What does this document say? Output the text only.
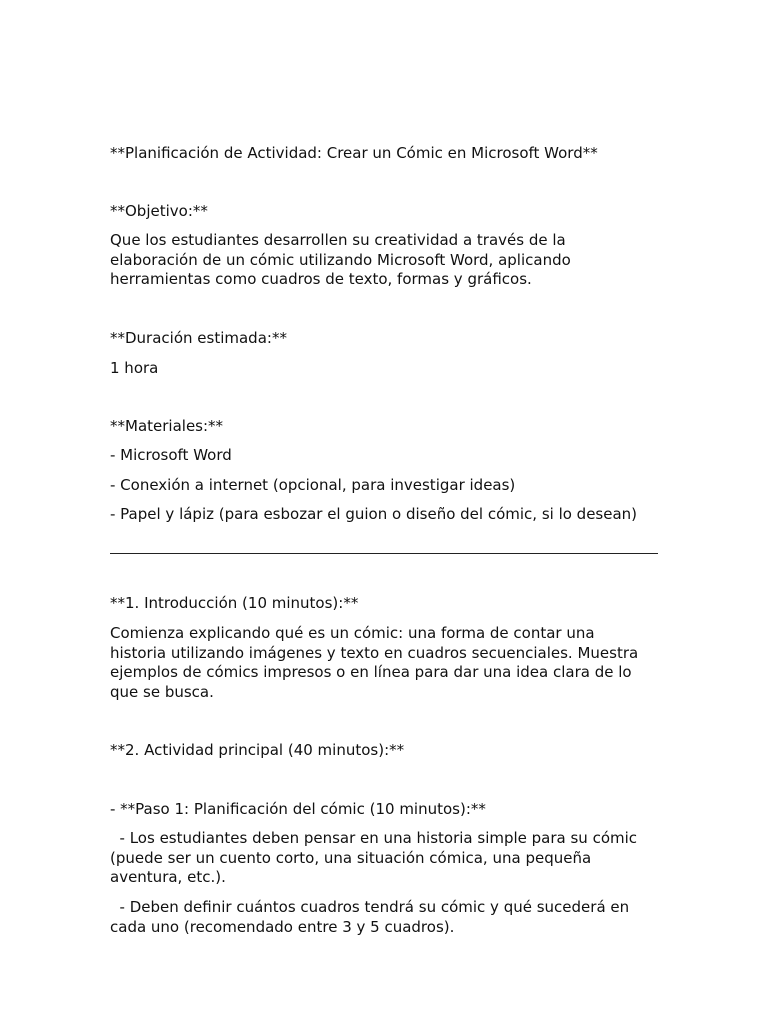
**Planificación de Actividad: Crear un Cómic en Microsoft Word**
**Objetivo:**
Que los estudiantes desarrollen su creatividad a través de la
elaboración de un cómic utilizando Microsoft Word, aplicando
herramientas como cuadros de texto, formas y gráficos.
**Duración estimada:**
1 hora
**Materiales:**
- Microsoft Word
- Conexión a internet (opcional, para investigar ideas)
- Papel y lápiz (para esbozar el guion o diseño del cómic, si lo desean)
**1. Introducción (10 minutos):**
Comienza explicando qué es un cómic: una forma de contar una
historia utilizando imágenes y texto en cuadros secuenciales. Muestra
ejemplos de cómics impresos o en línea para dar una idea clara de lo
que se busca.
**2. Actividad principal (40 minutos):**
- **Paso 1: Planificación del cómic (10 minutos):**
- Los estudiantes deben pensar en una historia simple para su cómic
(puede ser un cuento corto, una situación cómica, una pequeña
aventura, etc.).
- Deben definir cuántos cuadros tendrá su cómic y qué sucederá en
cada uno (recomendado entre 3 y 5 cuadros).
